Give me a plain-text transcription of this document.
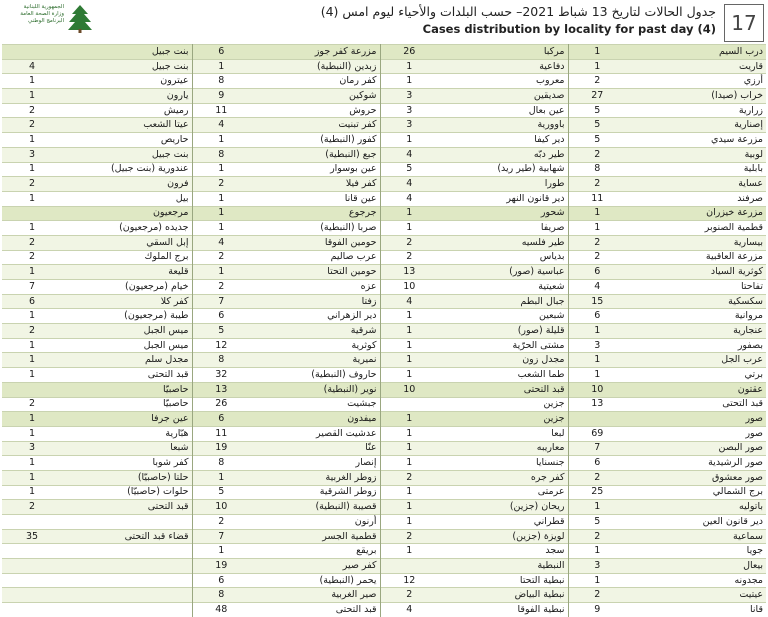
الجمهورية اللبنانية
وزارة الصحة العامة
البرنامج الوطني
جدول الحالات لتاريخ 13 شباط 2021– حسب البلدات والأحياء ليوم امس (4)
Cases distribution by locality for past day (4) 17
	بنت جبيل	6	مزرعة كفر جوز	26	مركبا	1	درب السيم
4	بنت جبيل	1	زبدين (النبطية)	1	دفاعية	1	قاريت
1	عيترون	8	كفر رمان	1	معروب	2	أرزي
1	يارون	9	شوكين	3	صديقين	27	خراب (صيدا)
2	رميش	11	حروش	3	عين بعال	5	زرارية
2	عيتا الشعب	4	كفر تبنيت	3	باوورية	5	إصنارية
1	حاريص	1	كفور (النبطية)	1	دير كيفا	5	مزرعة سيدي
3	بنت جبيل	8	جبع (النبطية)	4	طير دبّه	2	لوبية
1	عندورية (بنت جبيل)	1	عين بوسوار	5	شهابية (طير ريد)	8	بابلية
2	فرون	2	كفر فيلا	4	طورا	2	عساية
1	بيل	1	عين قانا	4	دير قانون النهر	11	صرفند
	مرجعيون	1	جرجوع	1	شحور	1	مزرعة خيزران
1	جديده (مرجعيون)	1	صربا (النبطية)	1	صريفا	1	قطمية الصنوبر
2	إبل السقي	4	حومين الفوقا	2	طير فلسيه	2	بيسارية
2	برج الملوك	2	عرب صاليم	2	بدياس	2	مزرعة العاقبية
1	قليعة	1	حومين التحتا	13	عباسية (صور)	6	كوثرية السياد
7	خيام (مرجعيون)	2	عزه	10	شعيتية	4	تفاحتا
6	كفر كلا	7	زفتا	4	جبال البطم	15	سكسكية
1	طيبة (مرجعيون)	6	دير الزهراني	1	شبعين	6	مروانية
2	ميس الجبل	5	شرقية	1	قليلة (صور)	1	عنجارية
1	ميس الجبل	12	كوثرية	1	مشتى الحرّية	3	بصفور
1	مجدل سلم	8	نميرية	1	مجدل زون	1	عرب الجل
1	قبد التحتى	32	حاروف (النبطية)	1	طما الشعب	1	برتي
	حاصبيّا	13	نوير (النبطية)	10	قبد التحتى	10	عقتون
2	حاصبيّا	26	جبشيت		جزين	13	قبد التحتى
1	عين جرفا	6	ميفدون	1	جزين		صور
1	هبّارية	11	عدشيت القصير	1	لبعا	69	صور
3	شبعا	19	عنّا	1	معاريبه	7	صور البصن
1	كفر شوبا	8	إنصار	1	جنسنايا	6	صور الرشيدية
1	حلتا (حاصبيّا)	1	زوطر الغربية	2	كفر جره	2	صور معشوق
1	حلوات (حاصبيّا)	5	زوطر الشرقية	1	عرمتى	25	برج الشمالي
2	قبد التحتى	10	قصيبة (النبطية)	1	ريحان (جزين)	1	باتوليه
		2	أرنون	1	قطراني	5	دير قانون العين
35	قضاء قبد التحتى	7	قطمية الجسر	2	لويزة (جزين)	2	سماعية
		1	بريقع	1	سجد	1	جويا
		19	كفر صير		النبطية	3	بيعال
		6	يحمر (النبطية)	12	نبطية التحتا	1	مجدونه
		8	صير الغربية	2	نبطية البياض	2	عيتيت
		48	قبد التحتى	4	نبطية الفوقا	9	قانا
